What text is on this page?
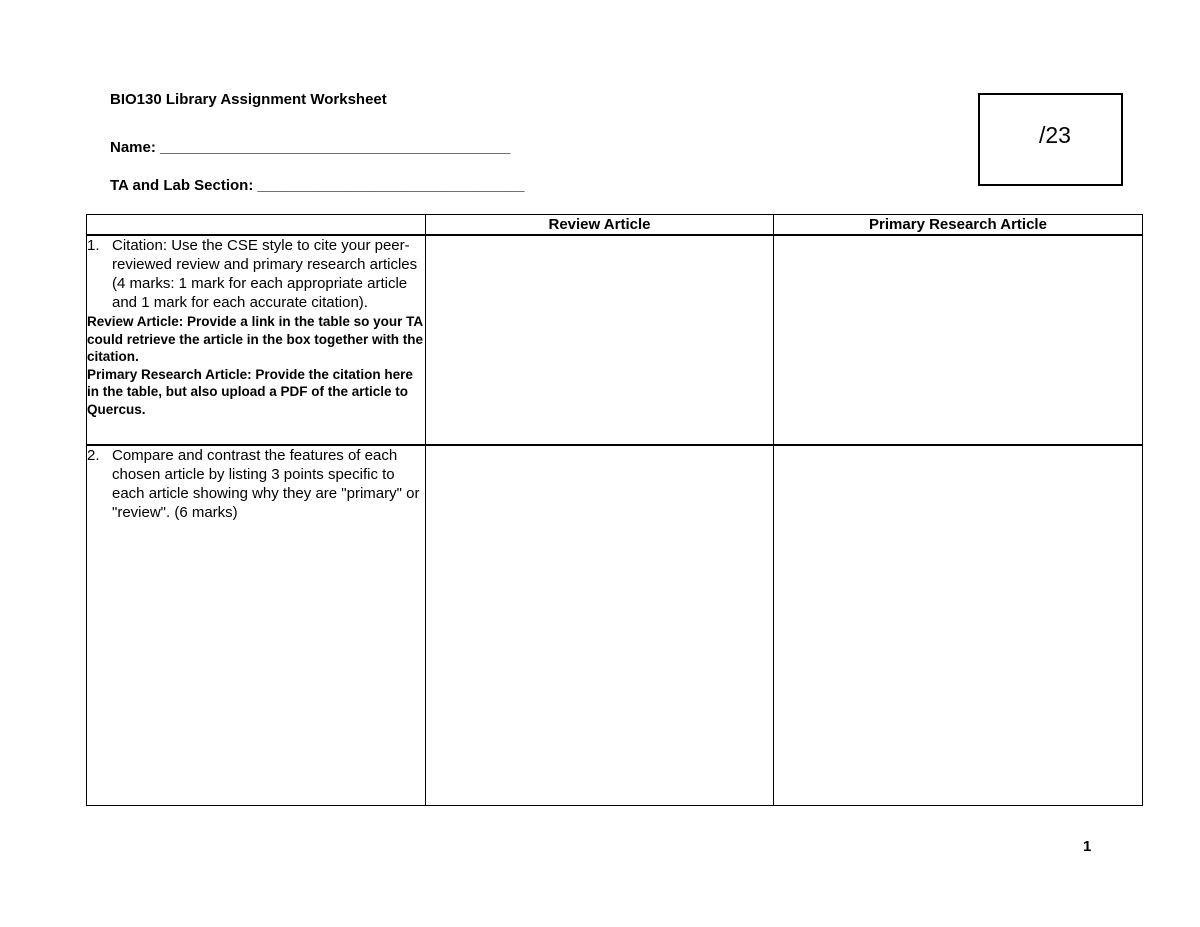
BIO130 Library Assignment Worksheet
Name: __________________________________________
TA and Lab Section: ________________________________
/23
	Review Article	Primary Research Article

1. Citation: Use the CSE style to cite your peer-reviewed review and primary research articles (4 marks: 1 mark for each appropriate article and 1 mark for each accurate citation).
Review Article: Provide a link in the table so your TA could retrieve the article in the box together with the citation.
Primary Research Article: Provide the citation here in the table, but also upload a PDF of the article to Quercus.		

2. Compare and contrast the features of each chosen article by listing 3 points specific to each article showing why they are "primary" or "review". (6 marks)		

1
